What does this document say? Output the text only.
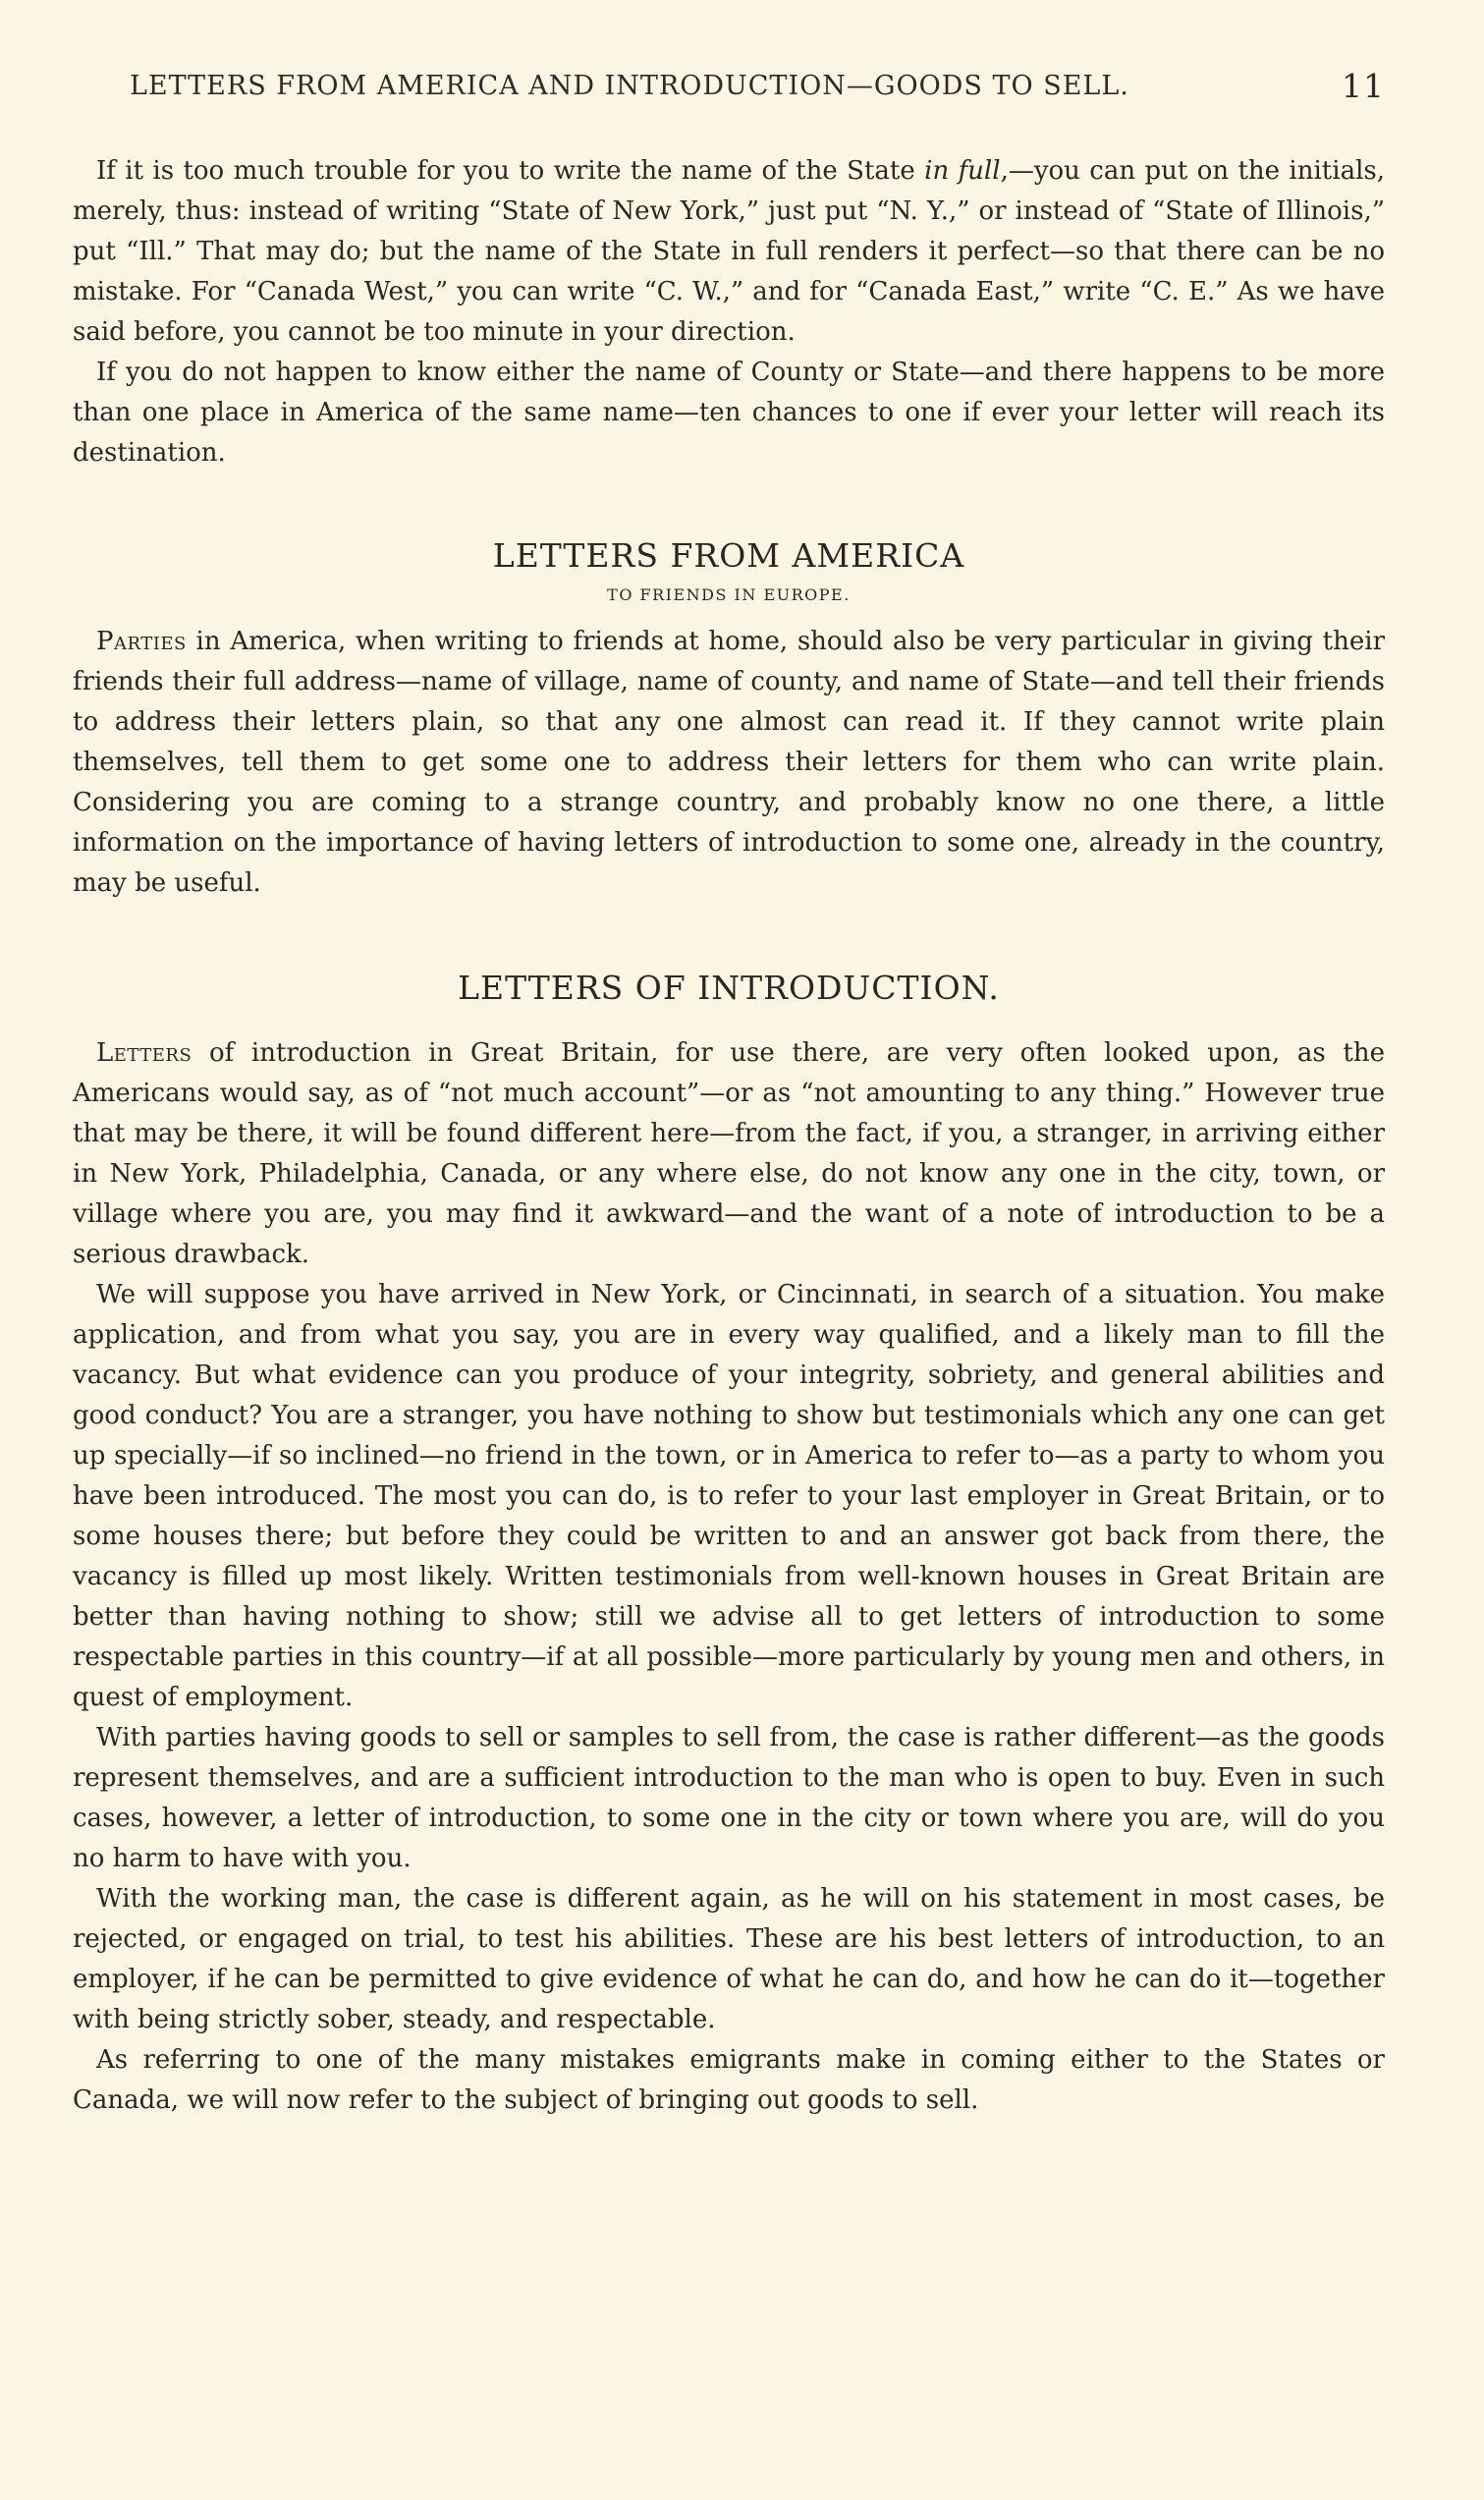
LETTERS FROM AMERICA AND INTRODUCTION—GOODS TO SELL.	11

If it is too much trouble for you to write the name of the State in full,—you can put on the initials, merely, thus: instead of writing “State of New York,” just put “N. Y.,” or instead of “State of Illinois,” put “Ill.” That may do; but the name of the State in full renders it perfect—so that there can be no mistake. For “Canada West,” you can write “C. W.,” and for “Canada East,” write “C. E.” As we have said before, you cannot be too minute in your direction.

If you do not happen to know either the name of County or State—and there happens to be more than one place in America of the same name—ten chances to one if ever your letter will reach its destination.

LETTERS FROM AMERICA
TO FRIENDS IN EUROPE.

Parties in America, when writing to friends at home, should also be very particular in giving their friends their full address—name of village, name of county, and name of State—and tell their friends to address their letters plain, so that any one almost can read it. If they cannot write plain themselves, tell them to get some one to address their letters for them who can write plain. Considering you are coming to a strange country, and probably know no one there, a little information on the importance of having letters of introduction to some one, already in the country, may be useful.

LETTERS OF INTRODUCTION.

Letters of introduction in Great Britain, for use there, are very often looked upon, as the Americans would say, as of “not much account”—or as “not amounting to any thing.” However true that may be there, it will be found different here—from the fact, if you, a stranger, in arriving either in New York, Philadelphia, Canada, or any where else, do not know any one in the city, town, or village where you are, you may find it awkward—and the want of a note of introduction to be a serious drawback.

We will suppose you have arrived in New York, or Cincinnati, in search of a situation. You make application, and from what you say, you are in every way qualified, and a likely man to fill the vacancy. But what evidence can you produce of your integrity, sobriety, and general abilities and good conduct? You are a stranger, you have nothing to show but testimonials which any one can get up specially—if so inclined—no friend in the town, or in America to refer to—as a party to whom you have been introduced. The most you can do, is to refer to your last employer in Great Britain, or to some houses there; but before they could be written to and an answer got back from there, the vacancy is filled up most likely. Written testimonials from well-known houses in Great Britain are better than having nothing to show; still we advise all to get letters of introduction to some respectable parties in this country—if at all possible—more particularly by young men and others, in quest of employment.

With parties having goods to sell or samples to sell from, the case is rather different—as the goods represent themselves, and are a sufficient introduction to the man who is open to buy. Even in such cases, however, a letter of introduction, to some one in the city or town where you are, will do you no harm to have with you.

With the working man, the case is different again, as he will on his statement in most cases, be rejected, or engaged on trial, to test his abilities. These are his best letters of introduction, to an employer, if he can be permitted to give evidence of what he can do, and how he can do it—together with being strictly sober, steady, and respectable.

As referring to one of the many mistakes emigrants make in coming either to the States or Canada, we will now refer to the subject of bringing out goods to sell.
